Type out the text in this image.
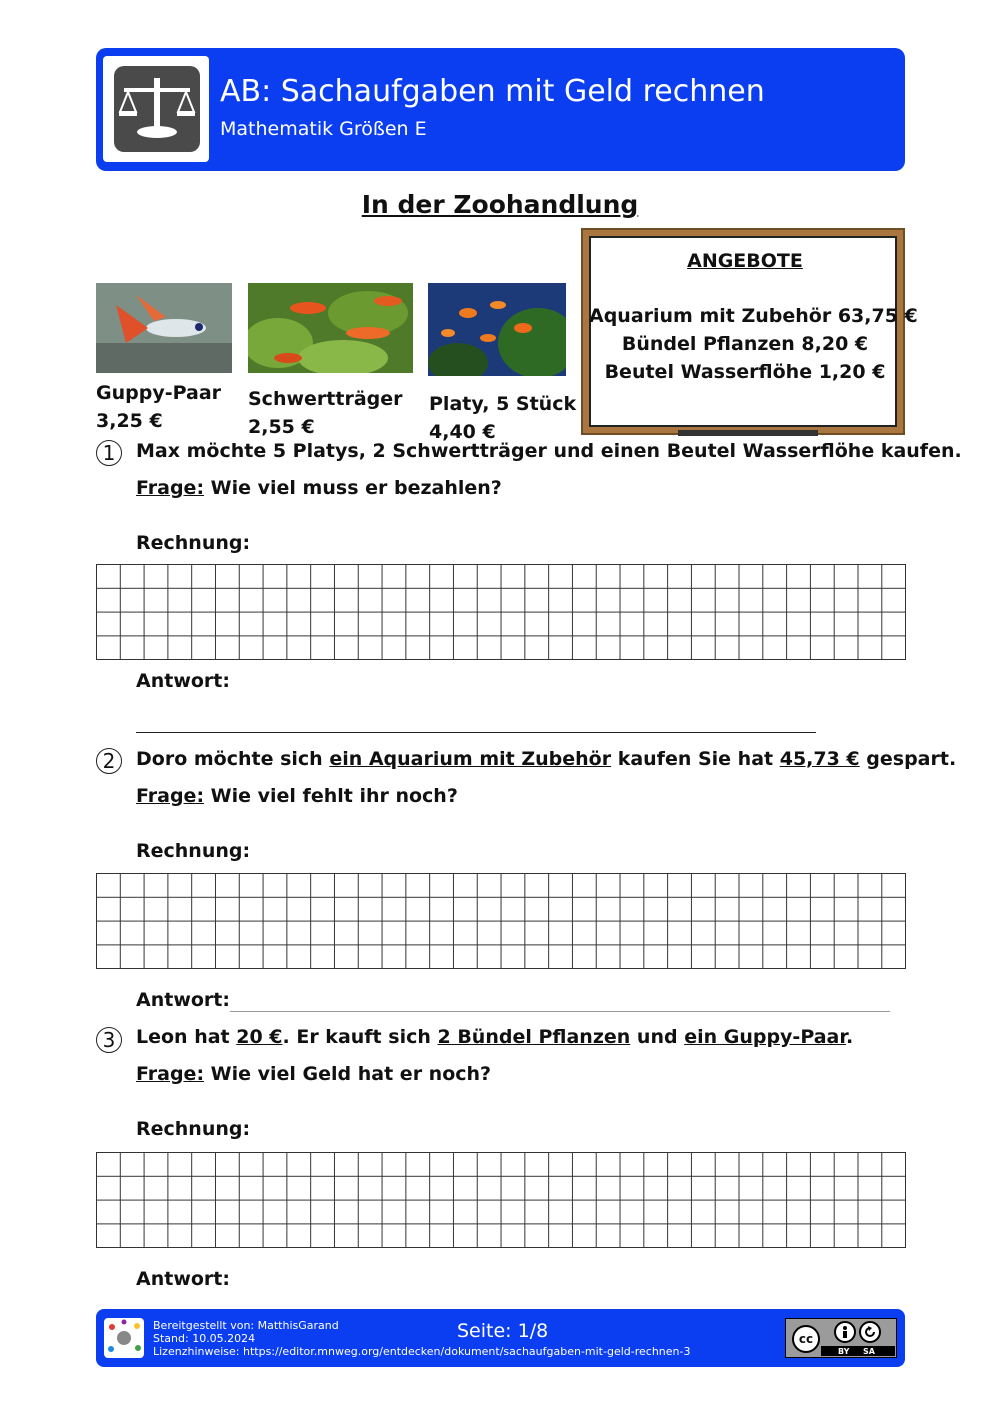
AB: Sachaufgaben mit Geld rechnen
Mathematik Größen E
In der Zoohandlung
Guppy-Paar
3,25 €
Schwertträger
2,55 €
Platy, 5 Stück
4,40 €
ANGEBOTE
Aquarium mit Zubehör 63,75 €
Bündel Pflanzen 8,20 €
Beutel Wasserflöhe 1,20 €
1	Max möchte 5 Platys, 2 Schwertträger und einen Beutel Wasserflöhe kaufen.
Frage: Wie viel muss er bezahlen?
Rechnung:
Antwort:
2	Doro möchte sich ein Aquarium mit Zubehör kaufen Sie hat 45,73 € gespart.
Frage: Wie viel fehlt ihr noch?
Rechnung:
Antwort:
3	Leon hat 20 €. Er kauft sich 2 Bündel Pflanzen und ein Guppy-Paar.
Frage: Wie viel Geld hat er noch?
Rechnung:
Antwort:
Bereitgestellt von: MatthisGarand
Stand: 10.05.2024
Lizenzhinweise: https://editor.mnweg.org/entdecken/dokument/sachaufgaben-mit-geld-rechnen-3
Seite: 1/8	cc
BY SA
